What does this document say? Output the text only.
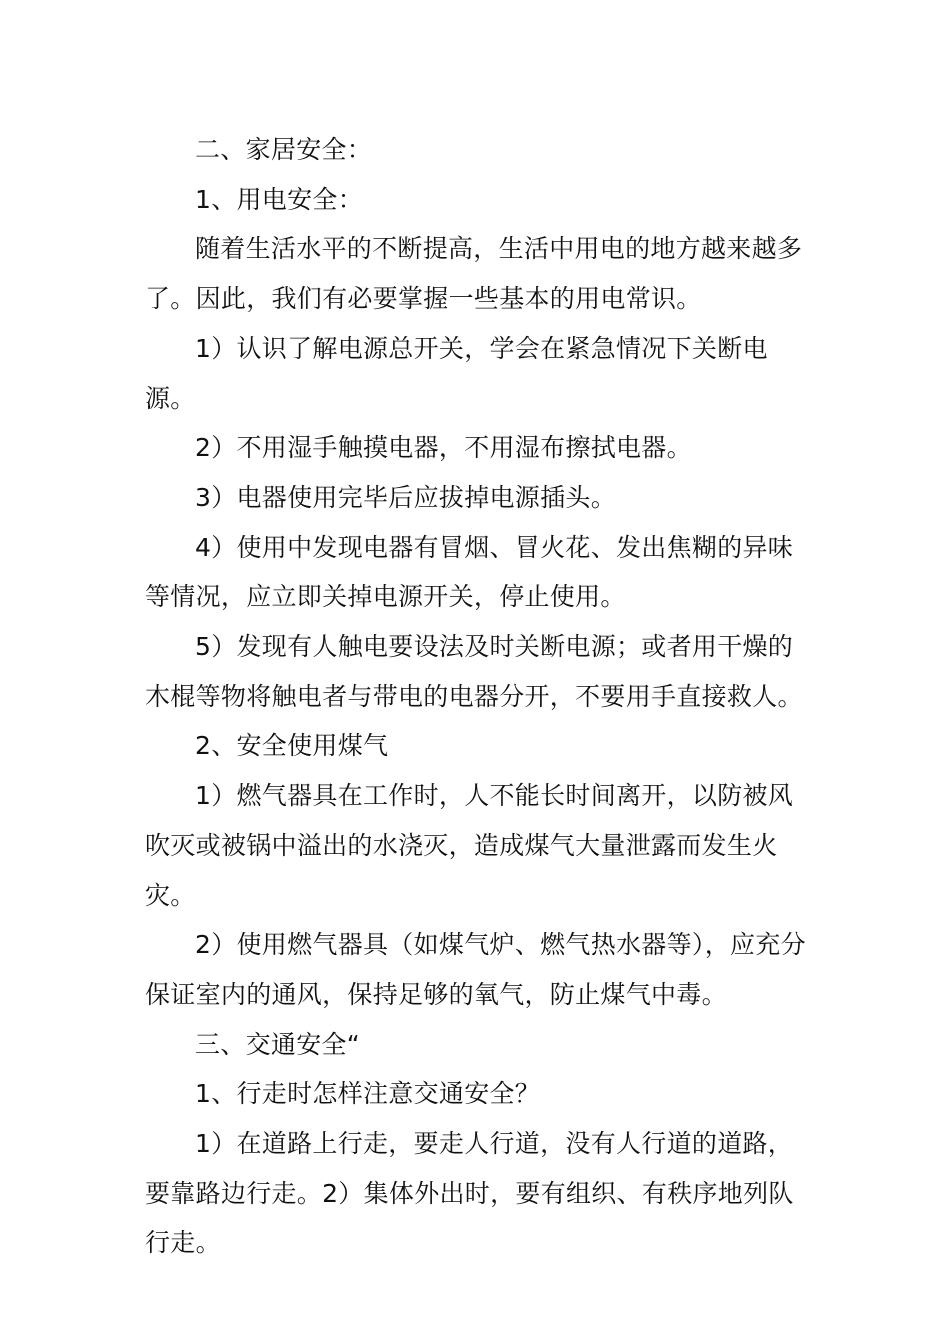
二、家居安全：

1、用电安全：

随着生活水平的不断提高，生活中用电的地方越来越多了。因此，我们有必要掌握一些基本的用电常识。

1）认识了解电源总开关，学会在紧急情况下关断电源。

2）不用湿手触摸电器，不用湿布擦拭电器。

3）电器使用完毕后应拔掉电源插头。

4）使用中发现电器有冒烟、冒火花、发出焦糊的异味等情况，应立即关掉电源开关，停止使用。

5）发现有人触电要设法及时关断电源；或者用干燥的木棍等物将触电者与带电的电器分开，不要用手直接救人。

2、安全使用煤气

1）燃气器具在工作时，人不能长时间离开，以防被风吹灭或被锅中溢出的水浇灭，造成煤气大量泄露而发生火灾。

2）使用燃气器具（如煤气炉、燃气热水器等），应充分保证室内的通风，保持足够的氧气，防止煤气中毒。

三、交通安全“

1、行走时怎样注意交通安全？

1）在道路上行走，要走人行道，没有人行道的道路，要靠路边行走。2）集体外出时，要有组织、有秩序地列队行走。
